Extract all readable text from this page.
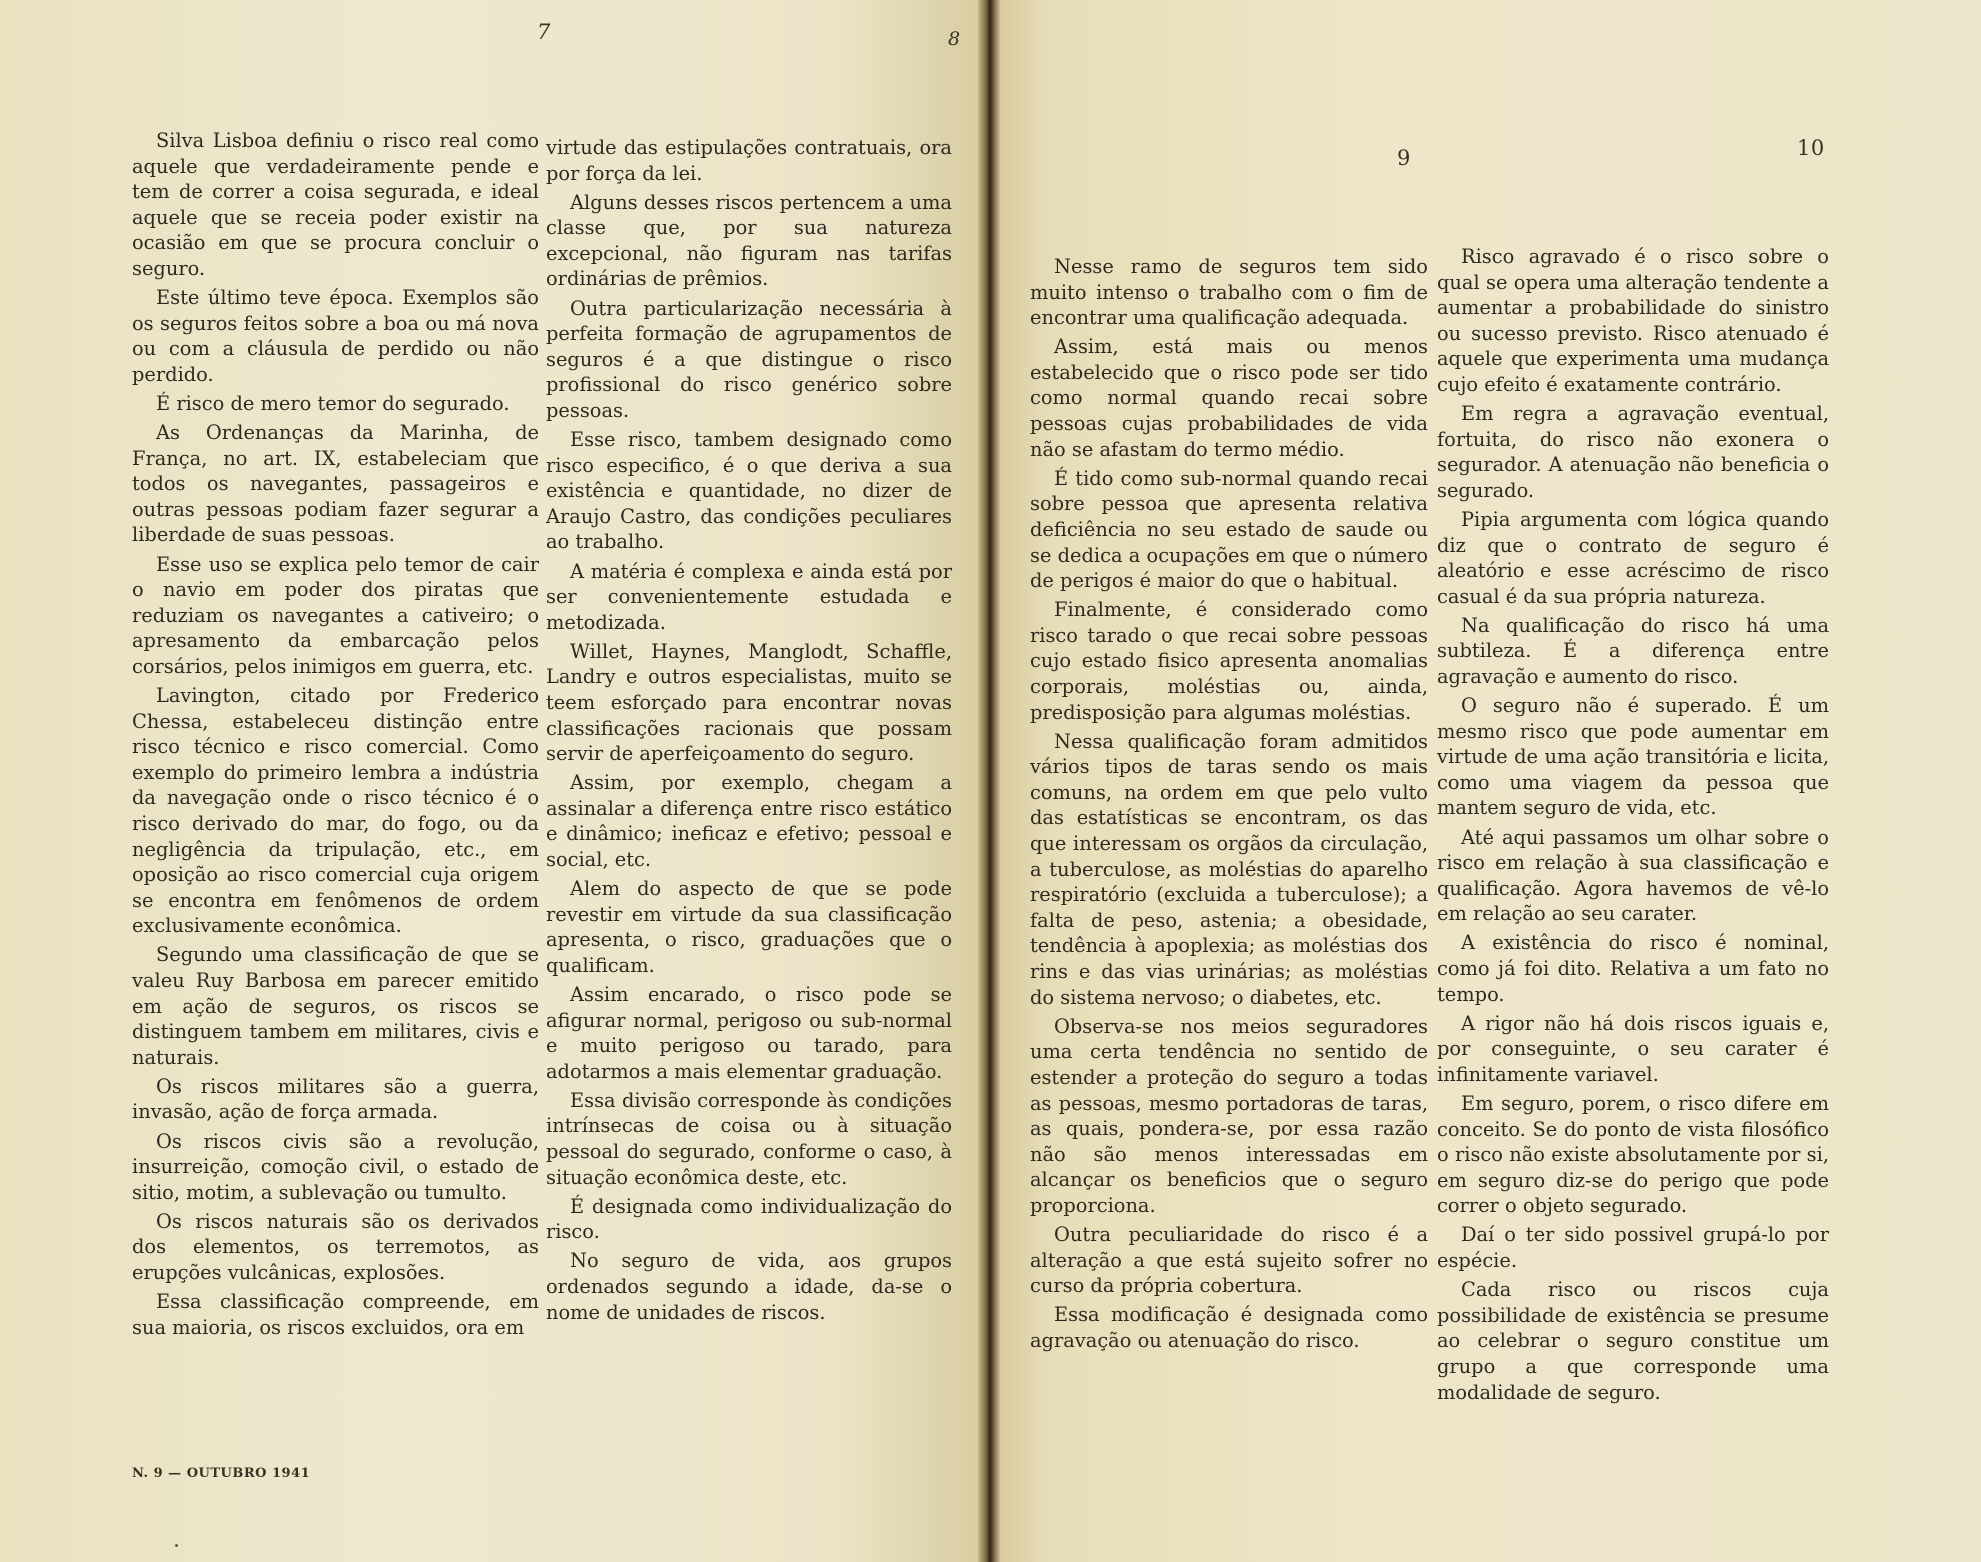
7	8
9	10

Silva Lisboa definiu o risco real como aquele que verdadeiramente pende e tem de correr a coisa segurada, e ideal aquele que se receia poder existir na ocasião em que se procura concluir o seguro.

Este último teve época. Exemplos são os seguros feitos sobre a boa ou má nova ou com a cláusula de perdido ou não perdido.

É risco de mero temor do segurado.

As Ordenanças da Marinha, de França, no art. IX, estabeleciam que todos os navegantes, passageiros e outras pessoas podiam fazer segurar a liberdade de suas pessoas.

Esse uso se explica pelo temor de cair o navio em poder dos piratas que reduziam os navegantes a cativeiro; o apresamento da embarcação pelos corsários, pelos inimigos em guerra, etc.

Lavington, citado por Frederico Chessa, estabeleceu distinção entre risco técnico e risco comercial. Como exemplo do primeiro lembra a indústria da navegação onde o risco técnico é o risco derivado do mar, do fogo, ou da negligência da tripulação, etc., em oposição ao risco comercial cuja origem se encontra em fenômenos de ordem exclusivamente econômica.

Segundo uma classificação de que se valeu Ruy Barbosa em parecer emitido em ação de seguros, os riscos se distinguem tambem em militares, civis e naturais.

Os riscos militares são a guerra, invasão, ação de força armada.

Os riscos civis são a revolução, insurreição, comoção civil, o estado de sitio, motim, a sublevação ou tumulto.

Os riscos naturais são os derivados dos elementos, os terremotos, as erupções vulcânicas, explosões.

Essa classificação compreende, em sua maioria, os riscos excluidos, ora em

virtude das estipulações contratuais, ora por força da lei.

Alguns desses riscos pertencem a uma classe que, por sua natureza excepcional, não figuram nas tarifas ordinárias de prêmios.

Outra particularização necessária à perfeita formação de agrupamentos de seguros é a que distingue o risco profissional do risco genérico sobre pessoas.

Esse risco, tambem designado como risco especifico, é o que deriva a sua existência e quantidade, no dizer de Araujo Castro, das condições peculiares ao trabalho.

A matéria é complexa e ainda está por ser convenientemente estudada e metodizada.

Willet, Haynes, Manglodt, Schaffle, Landry e outros especialistas, muito se teem esforçado para encontrar novas classificações racionais que possam servir de aperfeiçoamento do seguro.

Assim, por exemplo, chegam a assinalar a diferença entre risco estático e dinâmico; ineficaz e efetivo; pessoal e social, etc.

Alem do aspecto de que se pode revestir em virtude da sua classificação apresenta, o risco, graduações que o qualificam.

Assim encarado, o risco pode se afigurar normal, perigoso ou sub-normal e muito perigoso ou tarado, para adotarmos a mais elementar graduação.

Essa divisão corresponde às condições intrínsecas de coisa ou à situação pessoal do segurado, conforme o caso, à situação econômica deste, etc.

É designada como individualização do risco.

No seguro de vida, aos grupos ordenados segundo a idade, da-se o nome de unidades de riscos.

Nesse ramo de seguros tem sido muito intenso o trabalho com o fim de encontrar uma qualificação adequada.

Assim, está mais ou menos estabelecido que o risco pode ser tido como normal quando recai sobre pessoas cujas probabilidades de vida não se afastam do termo médio.

É tido como sub-normal quando recai sobre pessoa que apresenta relativa deficiência no seu estado de saude ou se dedica a ocupações em que o número de perigos é maior do que o habitual.

Finalmente, é considerado como risco tarado o que recai sobre pessoas cujo estado fisico apresenta anomalias corporais, moléstias ou, ainda, predisposição para algumas moléstias.

Nessa qualificação foram admitidos vários tipos de taras sendo os mais comuns, na ordem em que pelo vulto das estatísticas se encontram, os das que interessam os orgãos da circulação, a tuberculose, as moléstias do aparelho respiratório (excluida a tuberculose); a falta de peso, astenia; a obesidade, tendência à apoplexia; as moléstias dos rins e das vias urinárias; as moléstias do sistema nervoso; o diabetes, etc.

Observa-se nos meios seguradores uma certa tendência no sentido de estender a proteção do seguro a todas as pessoas, mesmo portadoras de taras, as quais, pondera-se, por essa razão não são menos interessadas em alcançar os beneficios que o seguro proporciona.

Outra peculiaridade do risco é a alteração a que está sujeito sofrer no curso da própria cobertura.

Essa modificação é designada como agravação ou atenuação do risco.

Risco agravado é o risco sobre o qual se opera uma alteração tendente a aumentar a probabilidade do sinistro ou sucesso previsto. Risco atenuado é aquele que experimenta uma mudança cujo efeito é exatamente contrário.

Em regra a agravação eventual, fortuita, do risco não exonera o segurador. A atenuação não beneficia o segurado.

Pipia argumenta com lógica quando diz que o contrato de seguro é aleatório e esse acréscimo de risco casual é da sua própria natureza.

Na qualificação do risco há uma subtileza. É a diferença entre agravação e aumento do risco.

O seguro não é superado. É um mesmo risco que pode aumentar em virtude de uma ação transitória e licita, como uma viagem da pessoa que mantem seguro de vida, etc.

Até aqui passamos um olhar sobre o risco em relação à sua classificação e qualificação. Agora havemos de vê-lo em relação ao seu carater.

A existência do risco é nominal, como já foi dito. Relativa a um fato no tempo.

A rigor não há dois riscos iguais e, por conseguinte, o seu carater é infinitamente variavel.

Em seguro, porem, o risco difere em conceito. Se do ponto de vista filosófico o risco não existe absolutamente por si, em seguro diz-se do perigo que pode correr o objeto segurado.

Daí o ter sido possivel grupá-lo por espécie.

Cada risco ou riscos cuja possibilidade de existência se presume ao celebrar o seguro constitue um grupo a que corresponde uma modalidade de seguro.

N. 9 — OUTUBRO 1941
